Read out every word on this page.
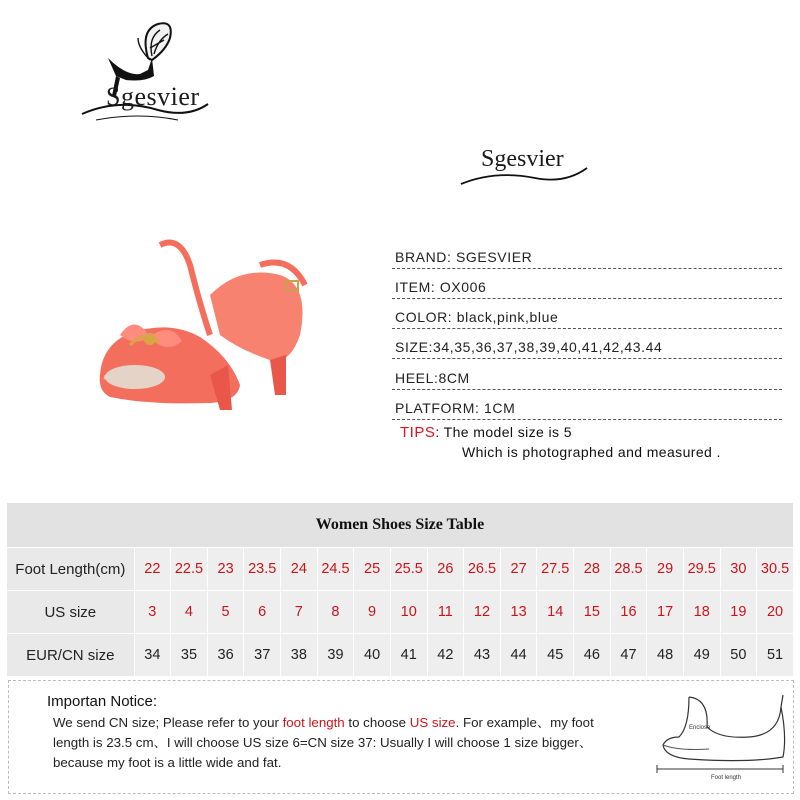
Sgesvier
Sgesvier
BRAND: SGESVIER
ITEM: OX006
COLOR: black,pink,blue
SIZE:34,35,36,37,38,39,40,41,42,43.44
HEEL:8CM
PLATFORM: 1CM
TIPS: The model size is 5
Which is photographed and measured .
Women Shoes Size Table																		
Foot Length(cm)	22	22.5	23	23.5	24	24.5	25	25.5	26	26.5	27	27.5	28	28.5	29	29.5	30	30.5
US size	3	4	5	6	7	8	9	10	11	12	13	14	15	16	17	18	19	20
EUR/CN size	34	35	36	37	38	39	40	41	42	43	44	45	46	47	48	49	50	51
Importan Notice:
We send CN size; Please refer to your foot length to choose US size. For example、my foot length is 23.5 cm、I will choose US size 6=CN size 37: Usually I will choose 1 size bigger、because my foot is a little wide and fat.
Enclose
Foot length
